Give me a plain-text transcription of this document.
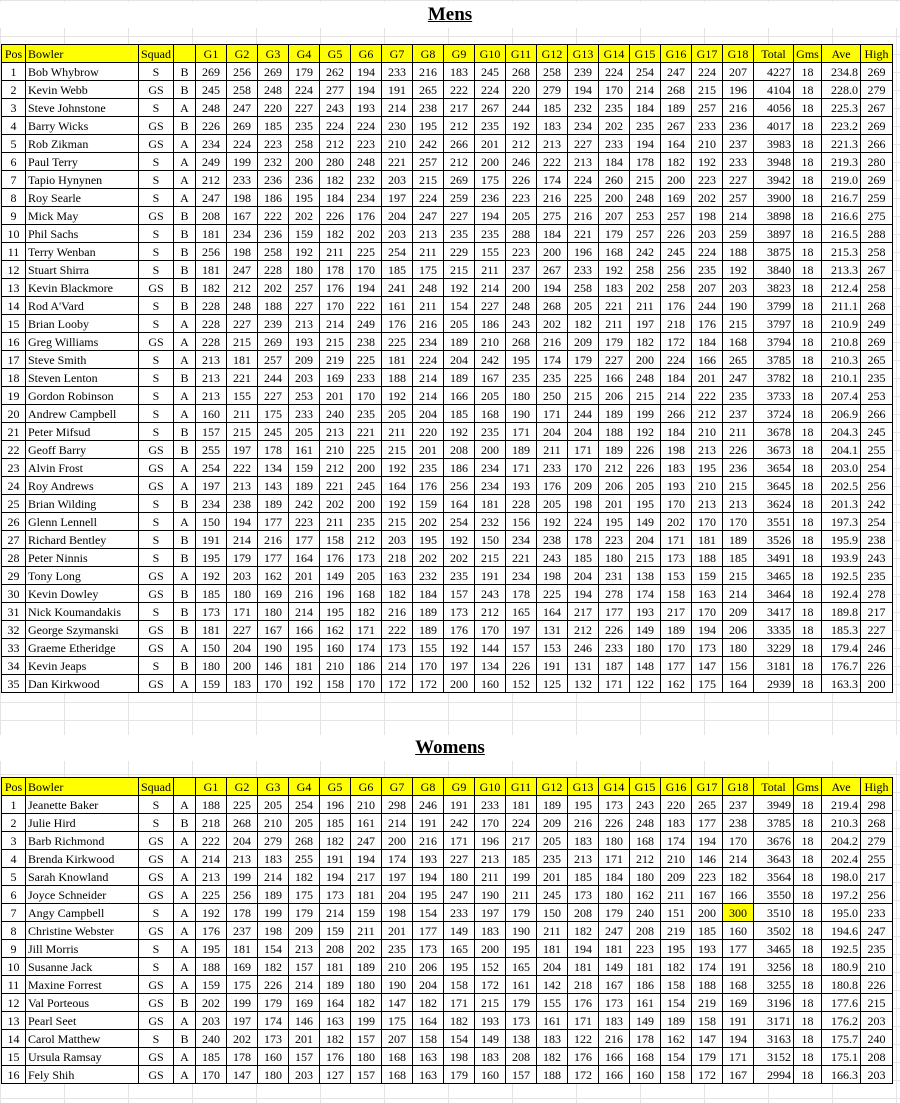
Mens
Pos	Bowler	Squad		G1	G2	G3	G4	G5	G6	G7	G8	G9	G10	G11	G12	G13	G14	G15	G16	G17	G18	Total	Gms	Ave	High
1	Bob Whybrow	S	B	269	256	269	179	262	194	233	216	183	245	268	258	239	224	254	247	224	207	4227	18	234.8	269
2	Kevin Webb	GS	B	245	258	248	224	277	194	191	265	222	224	220	279	194	170	214	268	215	196	4104	18	228.0	279
3	Steve Johnstone	S	A	248	247	220	227	243	193	214	238	217	267	244	185	232	235	184	189	257	216	4056	18	225.3	267
4	Barry Wicks	GS	B	226	269	185	235	224	224	230	195	212	235	192	183	234	202	235	267	233	236	4017	18	223.2	269
5	Rob Zikman	GS	A	234	224	223	258	212	223	210	242	266	201	212	213	227	233	194	164	210	237	3983	18	221.3	266
6	Paul Terry	S	A	249	199	232	200	280	248	221	257	212	200	246	222	213	184	178	182	192	233	3948	18	219.3	280
7	Tapio Hynynen	S	A	212	233	236	236	182	232	203	215	269	175	226	174	224	260	215	200	223	227	3942	18	219.0	269
8	Roy Searle	S	A	247	198	186	195	184	234	197	224	259	236	223	216	225	200	248	169	202	257	3900	18	216.7	259
9	Mick May	GS	B	208	167	222	202	226	176	204	247	227	194	205	275	216	207	253	257	198	214	3898	18	216.6	275
10	Phil Sachs	S	B	181	234	236	159	182	202	203	213	235	235	288	184	221	179	257	226	203	259	3897	18	216.5	288
11	Terry Wenban	S	B	256	198	258	192	211	225	254	211	229	155	223	200	196	168	242	245	224	188	3875	18	215.3	258
12	Stuart Shirra	S	B	181	247	228	180	178	170	185	175	215	211	237	267	233	192	258	256	235	192	3840	18	213.3	267
13	Kevin Blackmore	GS	B	182	212	202	257	176	194	241	248	192	214	200	194	258	183	202	258	207	203	3823	18	212.4	258
14	Rod A'Vard	S	B	228	248	188	227	170	222	161	211	154	227	248	268	205	221	211	176	244	190	3799	18	211.1	268
15	Brian Looby	S	A	228	227	239	213	214	249	176	216	205	186	243	202	182	211	197	218	176	215	3797	18	210.9	249
16	Greg Williams	GS	A	228	215	269	193	215	238	225	234	189	210	268	216	209	179	182	172	184	168	3794	18	210.8	269
17	Steve Smith	S	A	213	181	257	209	219	225	181	224	204	242	195	174	179	227	200	224	166	265	3785	18	210.3	265
18	Steven Lenton	S	B	213	221	244	203	169	233	188	214	189	167	235	235	225	166	248	184	201	247	3782	18	210.1	235
19	Gordon Robinson	S	A	213	155	227	253	201	170	192	214	166	205	180	250	215	206	215	214	222	235	3733	18	207.4	253
20	Andrew Campbell	S	A	160	211	175	233	240	235	205	204	185	168	190	171	244	189	199	266	212	237	3724	18	206.9	266
21	Peter Mifsud	S	B	157	215	245	205	213	221	211	220	192	235	171	204	204	188	192	184	210	211	3678	18	204.3	245
22	Geoff Barry	GS	B	255	197	178	161	210	225	215	201	208	200	189	211	171	189	226	198	213	226	3673	18	204.1	255
23	Alvin Frost	GS	A	254	222	134	159	212	200	192	235	186	234	171	233	170	212	226	183	195	236	3654	18	203.0	254
24	Roy Andrews	GS	A	197	213	143	189	221	245	164	176	256	234	193	176	209	206	205	193	210	215	3645	18	202.5	256
25	Brian Wilding	S	B	234	238	189	242	202	200	192	159	164	181	228	205	198	201	195	170	213	213	3624	18	201.3	242
26	Glenn Lennell	S	A	150	194	177	223	211	235	215	202	254	232	156	192	224	195	149	202	170	170	3551	18	197.3	254
27	Richard Bentley	S	B	191	214	216	177	158	212	203	195	192	150	234	238	178	223	204	171	181	189	3526	18	195.9	238
28	Peter Ninnis	S	B	195	179	177	164	176	173	218	202	202	215	221	243	185	180	215	173	188	185	3491	18	193.9	243
29	Tony Long	GS	A	192	203	162	201	149	205	163	232	235	191	234	198	204	231	138	153	159	215	3465	18	192.5	235
30	Kevin Dowley	GS	B	185	180	169	216	196	168	182	184	157	243	178	225	194	278	174	158	163	214	3464	18	192.4	278
31	Nick Koumandakis	S	B	173	171	180	214	195	182	216	189	173	212	165	164	217	177	193	217	170	209	3417	18	189.8	217
32	George Szymanski	GS	B	181	227	167	166	162	171	222	189	176	170	197	131	212	226	149	189	194	206	3335	18	185.3	227
33	Graeme Etheridge	GS	A	150	204	190	195	160	174	173	155	192	144	157	153	246	233	180	170	173	180	3229	18	179.4	246
34	Kevin Jeaps	S	B	180	200	146	181	210	186	214	170	197	134	226	191	131	187	148	177	147	156	3181	18	176.7	226
35	Dan Kirkwood	GS	A	159	183	170	192	158	170	172	172	200	160	152	125	132	171	122	162	175	164	2939	18	163.3	200
Womens
Pos	Bowler	Squad		G1	G2	G3	G4	G5	G6	G7	G8	G9	G10	G11	G12	G13	G14	G15	G16	G17	G18	Total	Gms	Ave	High
1	Jeanette Baker	S	A	188	225	205	254	196	210	298	246	191	233	181	189	195	173	243	220	265	237	3949	18	219.4	298
2	Julie Hird	S	B	218	268	210	205	185	161	214	191	242	170	224	209	216	226	248	183	177	238	3785	18	210.3	268
3	Barb Richmond	GS	A	222	204	279	268	182	247	200	216	171	196	217	205	183	180	168	174	194	170	3676	18	204.2	279
4	Brenda Kirkwood	GS	A	214	213	183	255	191	194	174	193	227	213	185	235	213	171	212	210	146	214	3643	18	202.4	255
5	Sarah Knowland	GS	A	213	199	214	182	194	217	197	194	180	211	199	201	185	184	180	209	223	182	3564	18	198.0	217
6	Joyce Schneider	GS	A	225	256	189	175	173	181	204	195	247	190	211	245	173	180	162	211	167	166	3550	18	197.2	256
7	Angy Campbell	S	A	192	178	199	179	214	159	198	154	233	197	179	150	208	179	240	151	200	300	3510	18	195.0	233
8	Christine Webster	GS	A	176	237	198	209	159	211	201	177	149	183	190	211	182	247	208	219	185	160	3502	18	194.6	247
9	Jill Morris	S	A	195	181	154	213	208	202	235	173	165	200	195	181	194	181	223	195	193	177	3465	18	192.5	235
10	Susanne Jack	S	A	188	169	182	157	181	189	210	206	195	152	165	204	181	149	181	182	174	191	3256	18	180.9	210
11	Maxine Forrest	GS	A	159	175	226	214	189	180	190	204	158	172	161	142	218	167	186	158	188	168	3255	18	180.8	226
12	Val Porteous	GS	B	202	199	179	169	164	182	147	182	171	215	179	155	176	173	161	154	219	169	3196	18	177.6	215
13	Pearl Seet	GS	A	203	197	174	146	163	199	175	164	182	193	173	161	171	183	149	189	158	191	3171	18	176.2	203
14	Carol Matthew	S	B	240	202	173	201	182	157	207	158	154	149	138	183	122	216	178	162	147	194	3163	18	175.7	240
15	Ursula Ramsay	GS	A	185	178	160	157	176	180	168	163	198	183	208	182	176	166	168	154	179	171	3152	18	175.1	208
16	Fely Shih	GS	A	170	147	180	203	127	157	168	163	179	160	157	188	172	166	160	158	172	167	2994	18	166.3	203
